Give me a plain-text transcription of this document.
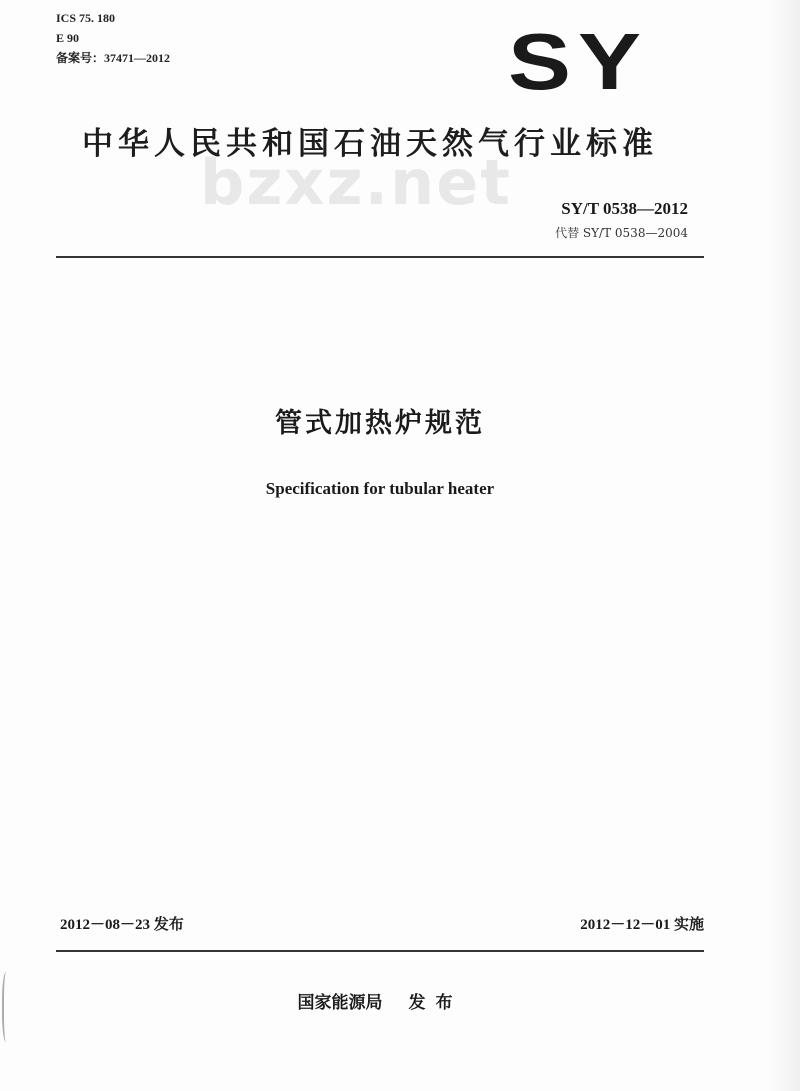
ICS 75. 180
E 90
备案号：37471—2012	SY
中华人民共和国石油天然气行业标准
bzxz.net	SY/T 0538—2012
代替 SY/T 0538—2004
管式加热炉规范
Specification for tubular heater
2012－08－23 发布	2012－12－01 实施
国家能源局 发布
